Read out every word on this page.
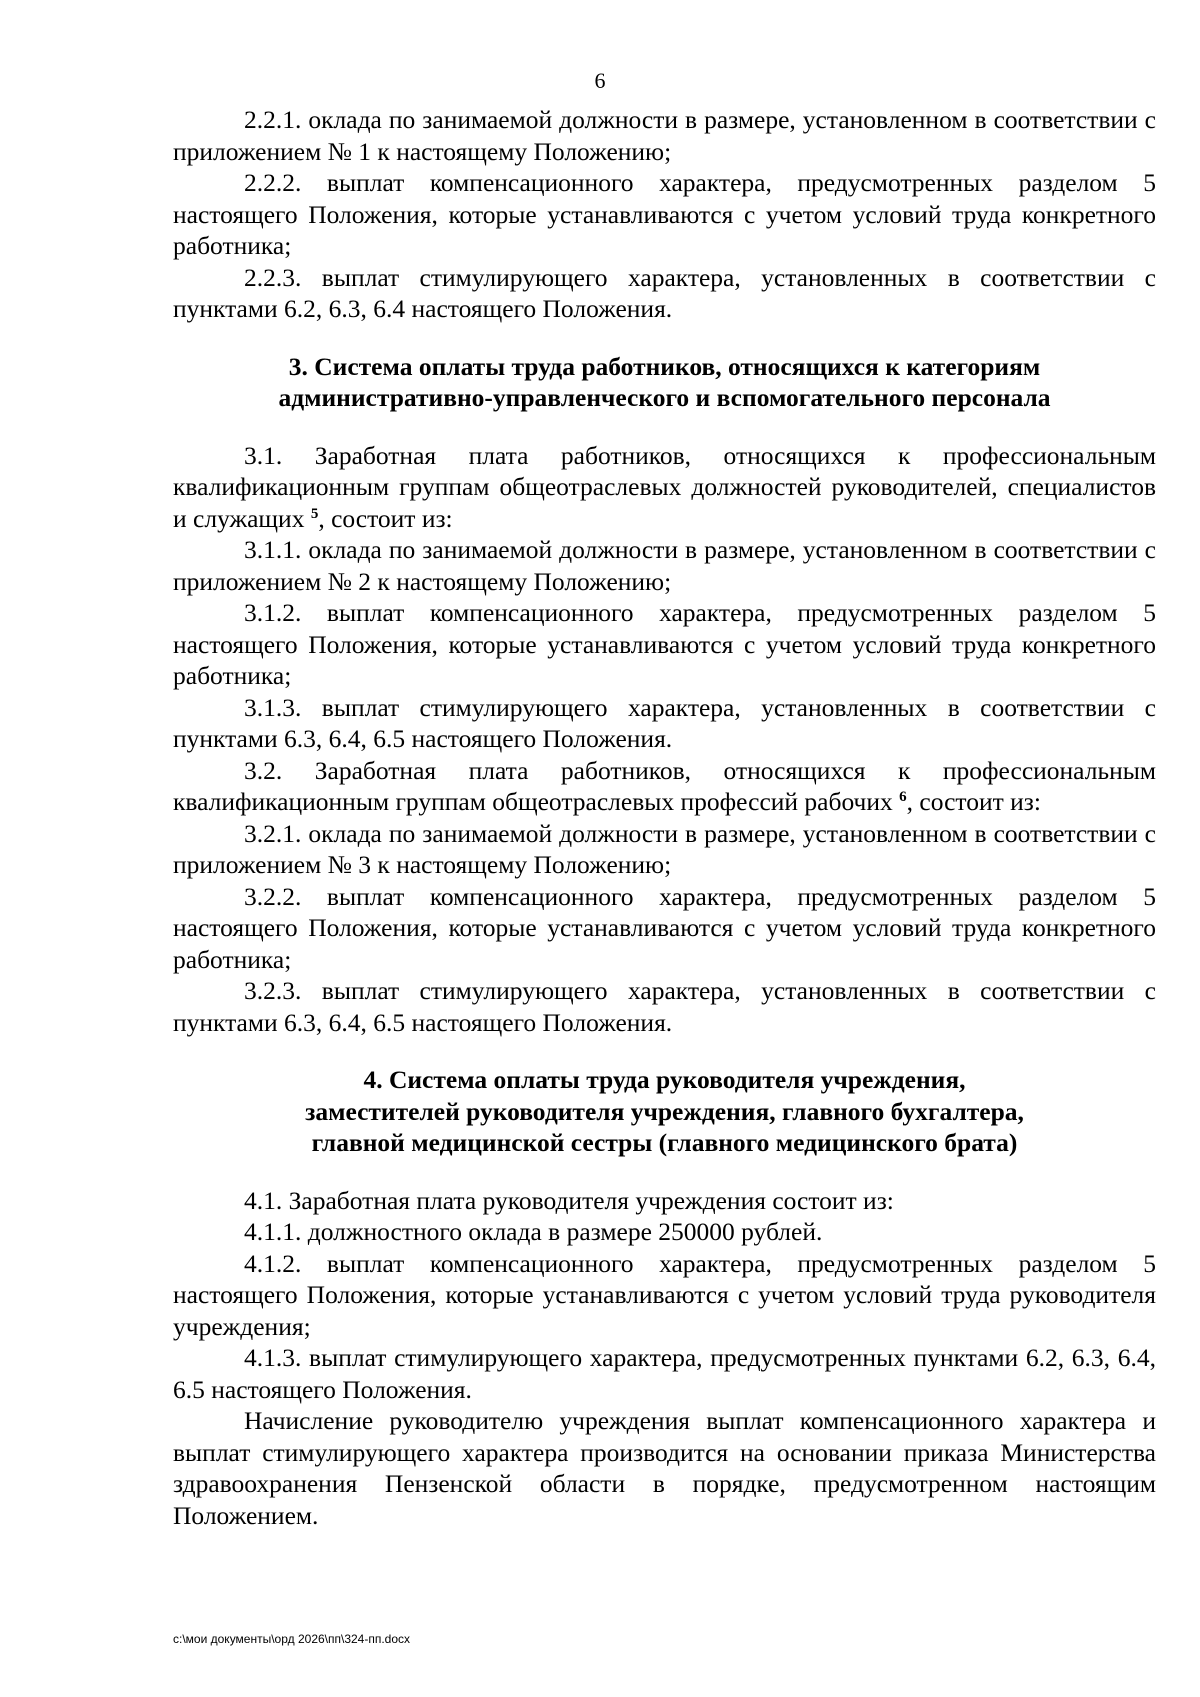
6

2.2.1. оклада по занимаемой должности в размере, установленном в соответствии с приложением № 1 к настоящему Положению;

2.2.2. выплат компенсационного характера, предусмотренных разделом 5 настоящего Положения, которые устанавливаются с учетом условий труда конкретного работника;

2.2.3. выплат стимулирующего характера, установленных в соответствии с пунктами 6.2, 6.3, 6.4 настоящего Положения.

3. Система оплаты труда работников, относящихся к категориям
административно-управленческого и вспомогательного персонала

3.1. Заработная плата работников, относящихся к профессиональным квалификационным группам общеотраслевых должностей руководителей, специалистов и служащих $^5$, состоит из:

3.1.1. оклада по занимаемой должности в размере, установленном в соответствии с приложением № 2 к настоящему Положению;

3.1.2. выплат компенсационного характера, предусмотренных разделом 5 настоящего Положения, которые устанавливаются с учетом условий труда конкретного работника;

3.1.3. выплат стимулирующего характера, установленных в соответствии с пунктами 6.3, 6.4, 6.5 настоящего Положения.

3.2. Заработная плата работников, относящихся к профессиональным квалификационным группам общеотраслевых профессий рабочих $^6$, состоит из:

3.2.1. оклада по занимаемой должности в размере, установленном в соответствии с приложением № 3 к настоящему Положению;

3.2.2. выплат компенсационного характера, предусмотренных разделом 5 настоящего Положения, которые устанавливаются с учетом условий труда конкретного работника;

3.2.3. выплат стимулирующего характера, установленных в соответствии с пунктами 6.3, 6.4, 6.5 настоящего Положения.

4. Система оплаты труда руководителя учреждения,
заместителей руководителя учреждения, главного бухгалтера,
главной медицинской сестры (главного медицинского брата)

4.1. Заработная плата руководителя учреждения состоит из:

4.1.1. должностного оклада в размере 250000 рублей.

4.1.2. выплат компенсационного характера, предусмотренных разделом 5 настоящего Положения, которые устанавливаются с учетом условий труда руководителя учреждения;

4.1.3. выплат стимулирующего характера, предусмотренных пунктами 6.2, 6.3, 6.4, 6.5 настоящего Положения.

Начисление руководителю учреждения выплат компенсационного характера и выплат стимулирующего характера производится на основании приказа Министерства здравоохранения Пензенской области в порядке, предусмотренном настоящим Положением.

c:\мои документы\орд 2026\пп\324-пп.docx
